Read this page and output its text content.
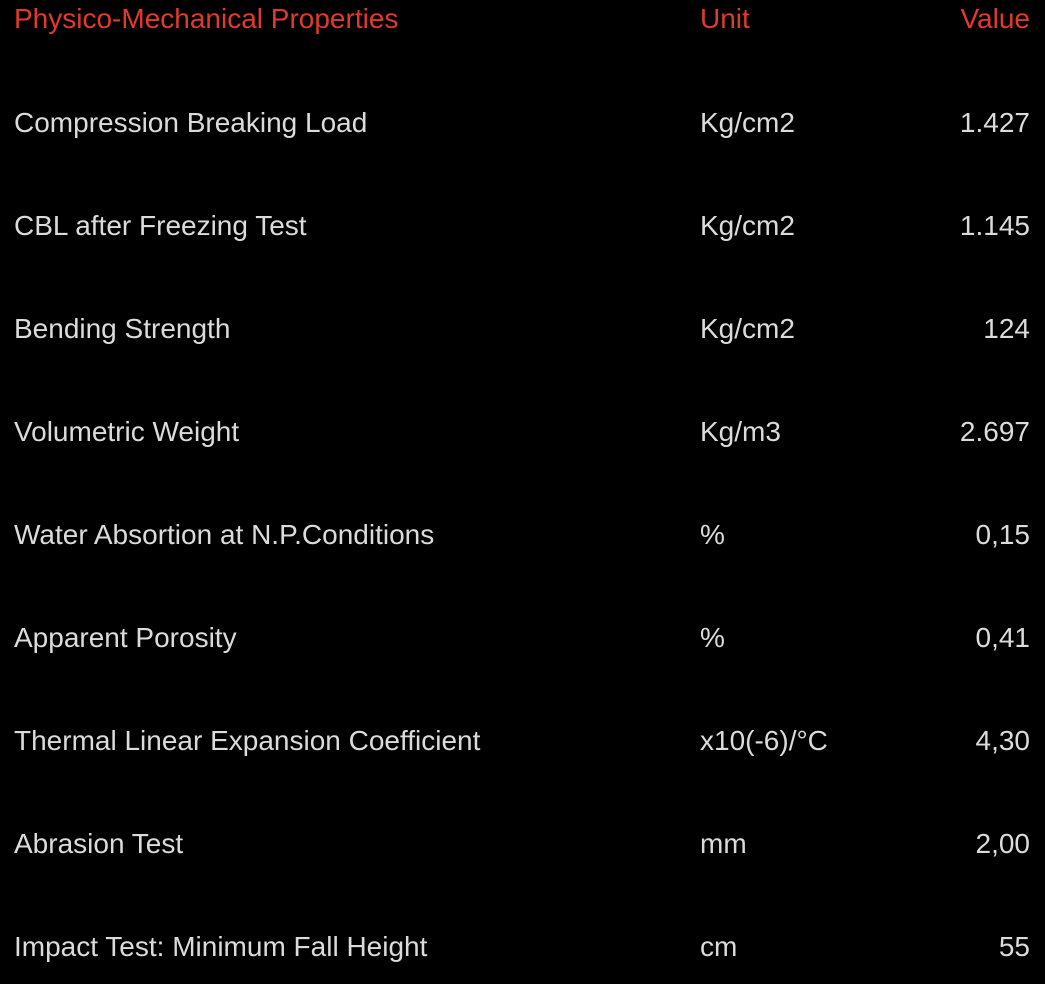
Physico-Mechanical Properties	Unit	Value
Compression Breaking Load	Kg/cm2	1.427
CBL after Freezing Test	Kg/cm2	1.145
Bending Strength	Kg/cm2	124
Volumetric Weight	Kg/m3	2.697
Water Absortion at N.P.Conditions	%	0,15
Apparent Porosity	%	0,41
Thermal Linear Expansion Coefficient	x10(-6)/°C	4,30
Abrasion Test	mm	2,00
Impact Test: Minimum Fall Height	cm	55
